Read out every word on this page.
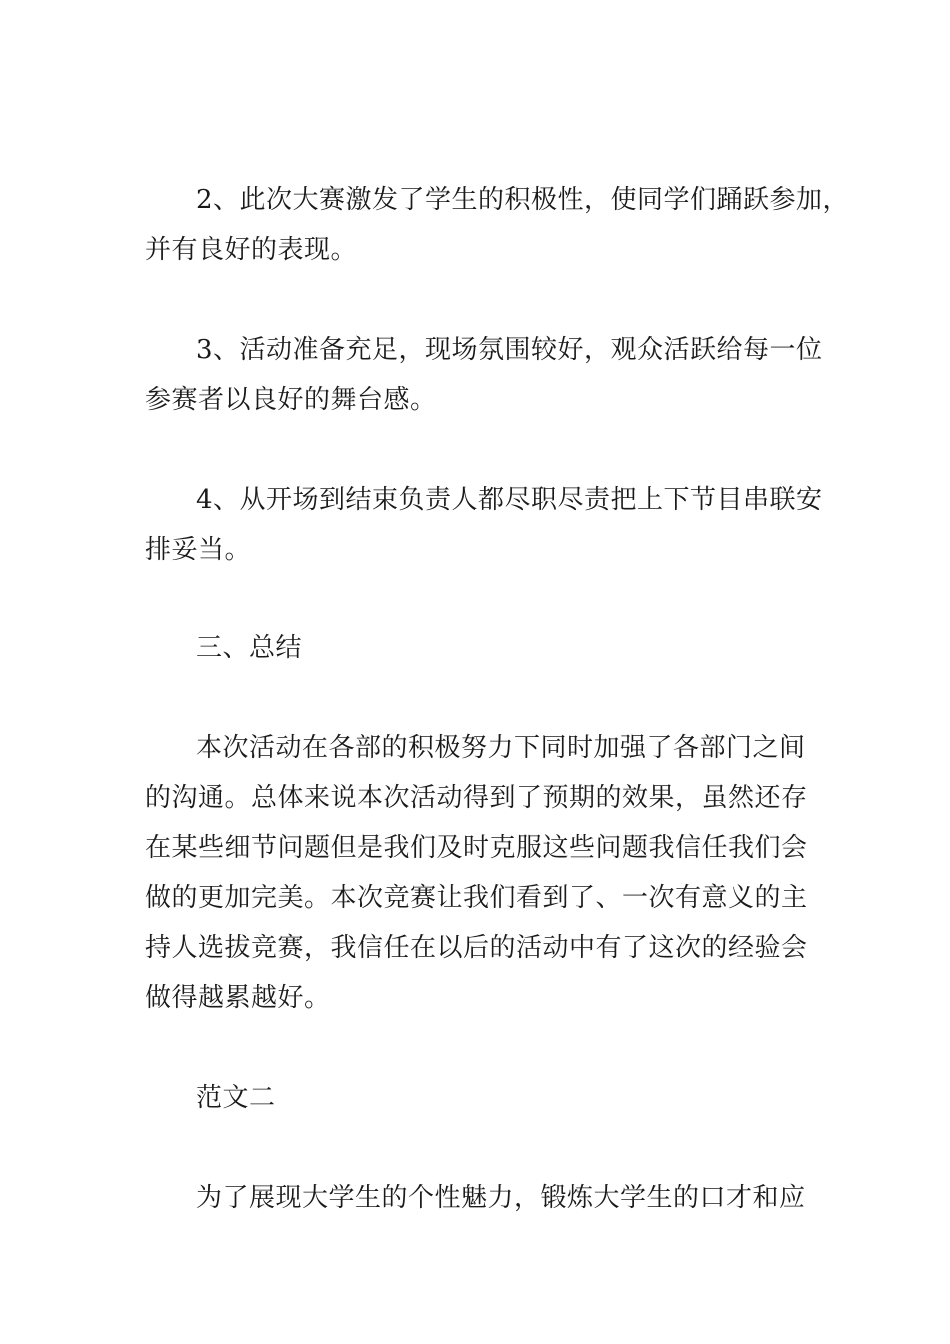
2、此次大赛激发了学生的积极性，使同学们踊跃参加，
并有良好的表现。
3、活动准备充足，现场氛围较好，观众活跃给每一位
参赛者以良好的舞台感。
4、从开场到结束负责人都尽职尽责把上下节目串联安
排妥当。
三、总结
本次活动在各部的积极努力下同时加强了各部门之间
的沟通。总体来说本次活动得到了预期的效果，虽然还存
在某些细节问题但是我们及时克服这些问题我信任我们会
做的更加完美。本次竞赛让我们看到了、一次有意义的主
持人选拔竞赛，我信任在以后的活动中有了这次的经验会
做得越累越好。
范文二
为了展现大学生的个性魅力，锻炼大学生的口才和应
